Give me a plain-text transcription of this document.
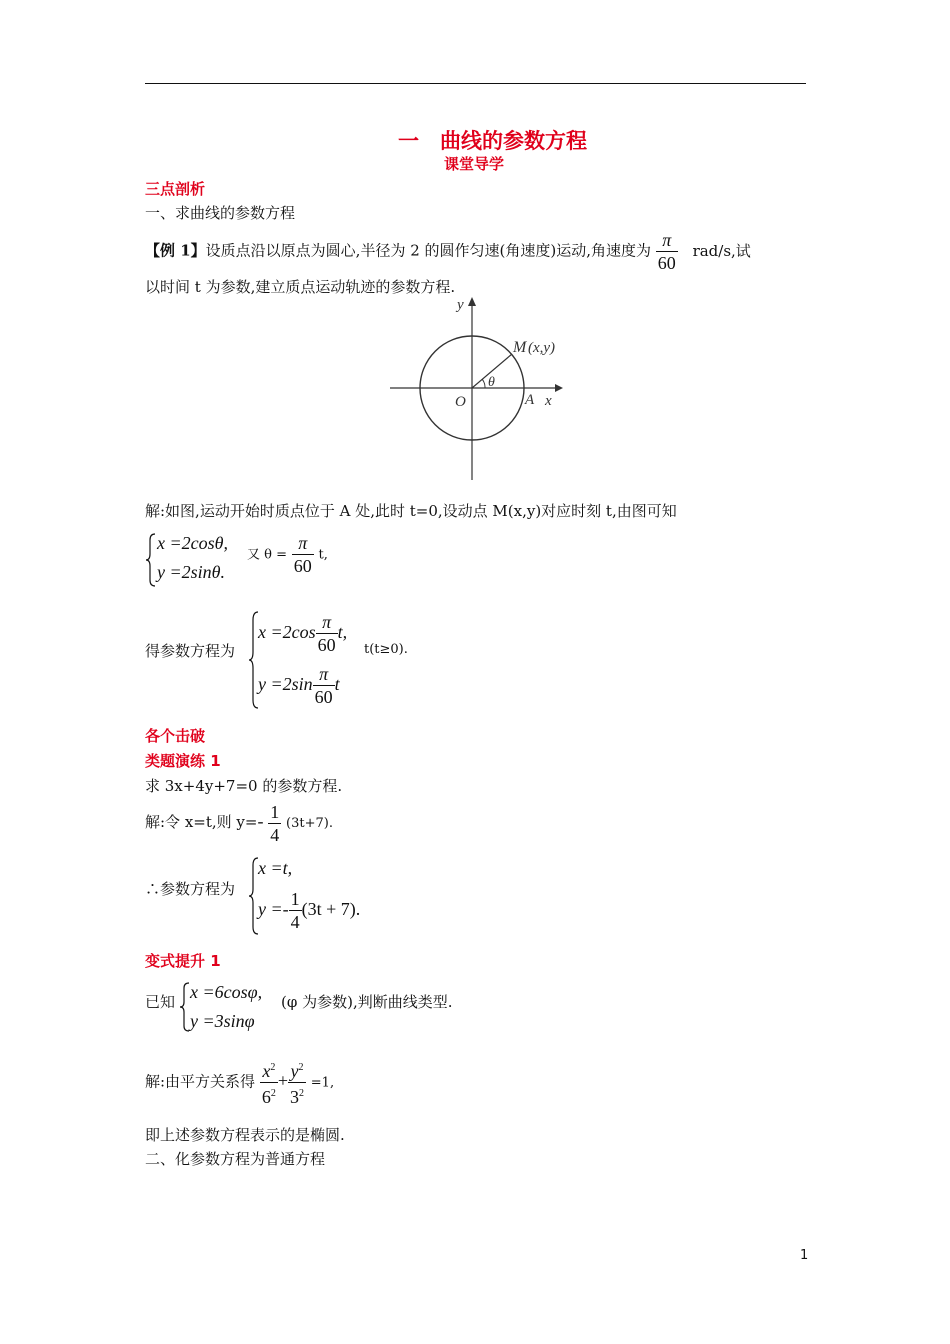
一　曲线的参数方程
课堂导学
三点剖析
一、求曲线的参数方程
【例 1】设质点沿以原点为圆心,半径为 2 的圆作匀速(角速度)运动,角速度为 $\frac{\pi}{60} rad/s$,试
以时间 t 为参数,建立质点运动轨迹的参数方程.
y
x
O	A
M (x,y)
θ
解:如图,运动开始时质点位于 A 处,此时 t=0,设动点 M(x,y)对应时刻 t,由图可知
x =2cosθ,
y =2sinθ.
又 $\theta = \frac{\pi}{60} t$,
得参数方程为
$x =2\cos \frac{\pi}{60} t$,
$y =2\sin \frac{\pi}{60}$ t
t(t≥0).
各个击破
类题演练 1
求 3x+4y+7=0 的参数方程.
解:令 x=t,则 $y=- \frac{1}{4} (3t+7)$.
∴参数方程为
x =t,
$y =- \frac{1}{4} (3t + 7)$.
变式提升 1
已知 x =6cosφ,
y =3sinφ
(φ 为参数),判断曲线类型.
解:由平方关系得 $\frac{x^2}{6^2} + \frac{y^2}{3^2} =1$,
即上述参数方程表示的是椭圆.
二、化参数方程为普通方程
1
